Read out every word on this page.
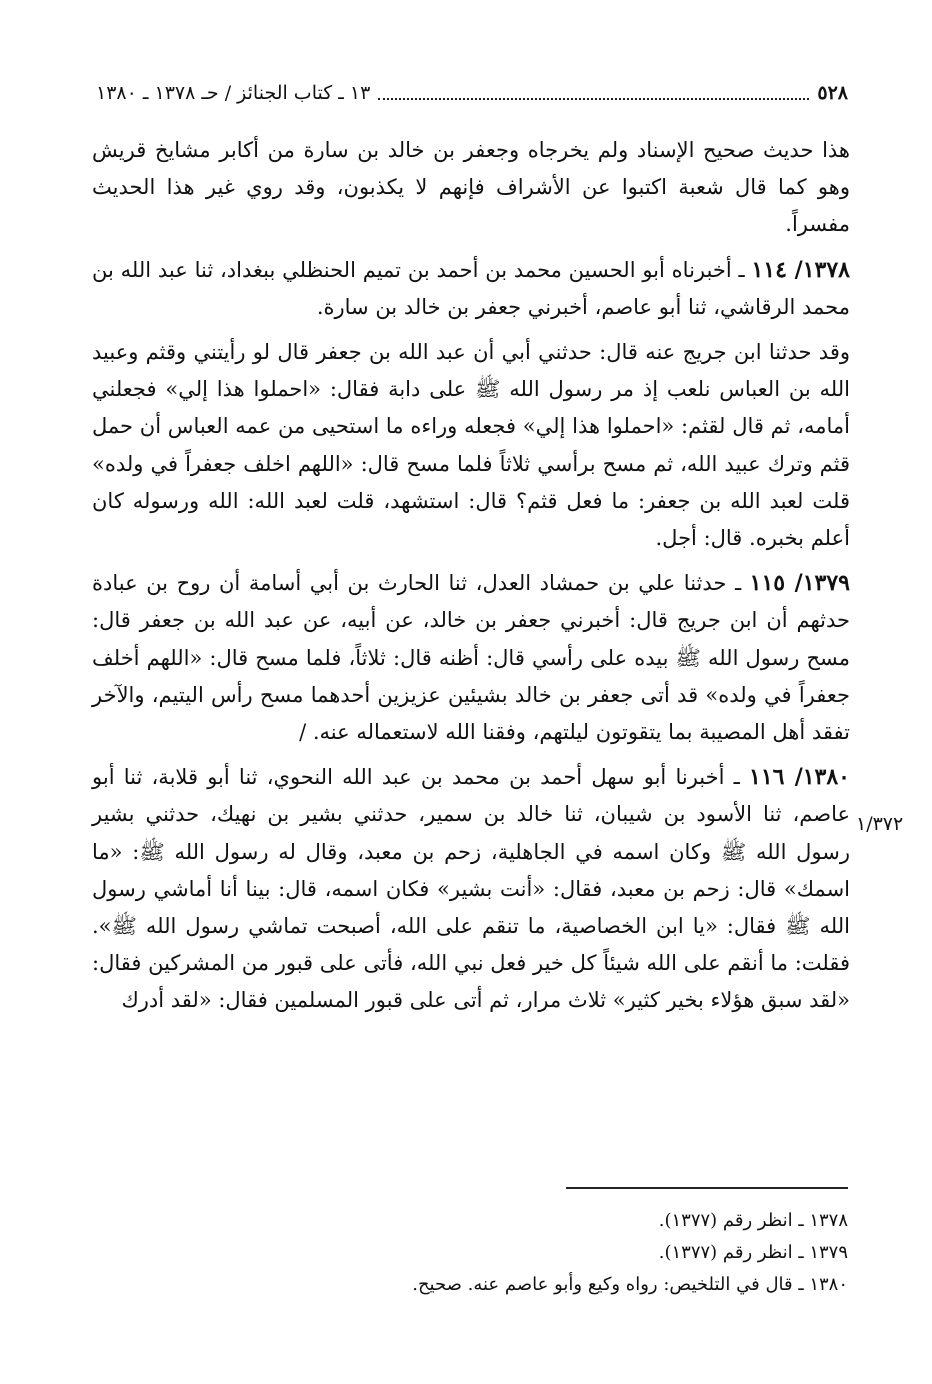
٥٢٨
١٣ ـ كتاب الجنائز / حـ ١٣٧٨ ـ ١٣٨٠

هذا حديث صحيح الإسناد ولم يخرجاه وجعفر بن خالد بن سارة من أكابر مشايخ قريش وهو كما قال شعبة اكتبوا عن الأشراف فإنهم لا يكذبون، وقد روي غير هذا الحديث مفسراً.

١٣٧٨/ ١١٤ ـ أخبرناه أبو الحسين محمد بن أحمد بن تميم الحنظلي ببغداد، ثنا عبد الله بن محمد الرقاشي، ثنا أبو عاصم، أخبرني جعفر بن خالد بن سارة.

وقد حدثنا ابن جريج عنه قال: حدثني أبي أن عبد الله بن جعفر قال لو رأيتني وقثم وعبيد الله بن العباس نلعب إذ مر رسول الله ﷺ على دابة فقال: «احملوا هذا إلي» فجعلني أمامه، ثم قال لقثم: «احملوا هذا إلي» فجعله وراءه ما استحيى من عمه العباس أن حمل قثم وترك عبيد الله، ثم مسح برأسي ثلاثاً فلما مسح قال: «اللهم اخلف جعفراً في ولده» قلت لعبد الله بن جعفر: ما فعل قثم؟ قال: استشهد، قلت لعبد الله: الله ورسوله كان أعلم بخبره. قال: أجل.

١٣٧٩/ ١١٥ ـ حدثنا علي بن حمشاد العدل، ثنا الحارث بن أبي أسامة أن روح بن عبادة حدثهم أن ابن جريج قال: أخبرني جعفر بن خالد، عن أبيه، عن عبد الله بن جعفر قال: مسح رسول الله ﷺ بيده على رأسي قال: أظنه قال: ثلاثاً، فلما مسح قال: «اللهم أخلف جعفراً في ولده» قد أتى جعفر بن خالد بشيئين عزيزين أحدهما مسح رأس اليتيم، والآخر تفقد أهل المصيبة بما يتقوتون ليلتهم، وفقنا الله لاستعماله عنه. /

١٣٨٠/ ١١٦ ـ أخبرنا أبو سهل أحمد بن محمد بن عبد الله النحوي، ثنا أبو قلابة، ثنا أبو عاصم، ثنا الأسود بن شيبان، ثنا خالد بن سمير، حدثني بشير بن نهيك، حدثني بشير رسول الله ﷺ وكان اسمه في الجاهلية، زحم بن معبد، وقال له رسول الله ﷺ: «ما اسمك» قال: زحم بن معبد، فقال: «أنت بشير» فكان اسمه، قال: بينا أنا أماشي رسول الله ﷺ فقال: «يا ابن الخصاصية، ما تنقم على الله، أصبحت تماشي رسول الله ﷺ». فقلت: ما أنقم على الله شيئاً كل خير فعل نبي الله، فأتى على قبور من المشركين فقال: «لقد سبق هؤلاء بخير كثير» ثلاث مرار، ثم أتى على قبور المسلمين فقال: «لقد أدرك

١/٣٧٢
١٣٧٨ ـ انظر رقم (١٣٧٧).
١٣٧٩ ـ انظر رقم (١٣٧٧).
١٣٨٠ ـ قال في التلخيص: رواه وكيع وأبو عاصم عنه. صحيح.
